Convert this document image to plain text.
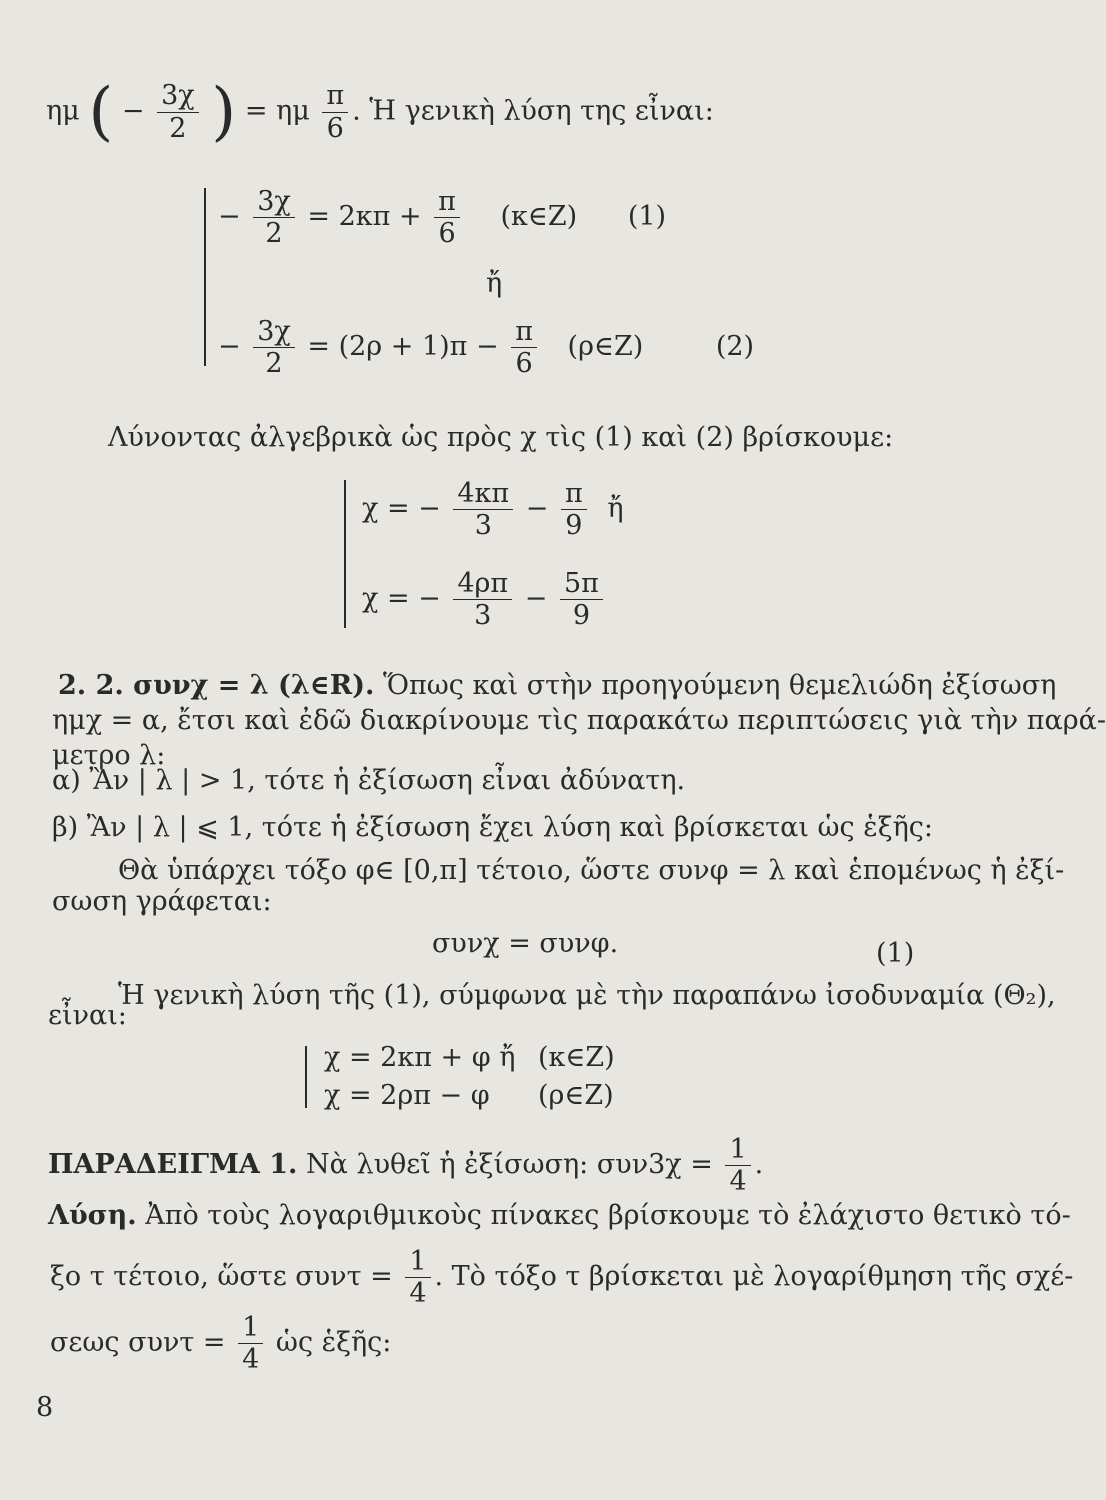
ημ ( − $\frac{3\chi}{2}$ ) = ημ $\frac{\pi}{6}$ . Ἡ γενικὴ λύση της εἶναι:
− $\frac{3\chi}{2} = 2\kappa\pi + \frac{\pi}{6}$ (κ∈Z) (1)
ἤ
− $\frac{3\chi}{2} = (2\rho + 1)\pi - \frac{\pi}{6}$ (ρ∈Z)	(2)
Λύνοντας ἀλγεβρικὰ ὡς πρὸς χ τὶς (1) καὶ (2) βρίσκουμε:
χ = − $\frac{4\kappa\pi}{3} - \frac{\pi}{9}$ ἤ
χ = − $\frac{4\rho\pi}{3} - \frac{5\pi}{9}$
2. 2. συνχ = λ (λ∈R). Ὅπως καὶ στὴν προηγούμενη θεμελιώδη ἐξίσωση
ημχ = α, ἔτσι καὶ ἐδῶ διακρίνουμε τὶς παρακάτω περιπτώσεις γιὰ τὴν παρά-
μετρο λ:
α) Ἂν | λ | > 1, τότε ἡ ἐξίσωση εἶναι ἀδύνατη.
β) Ἂν | λ | ⩽ 1, τότε ἡ ἐξίσωση ἔχει λύση καὶ βρίσκεται ὡς ἑξῆς:
Θὰ ὑπάρχει τόξο φ∈ [0,π] τέτοιο, ὥστε συνφ = λ καὶ ἑπομένως ἡ ἐξί-
σωση γράφεται:
συνχ = συνφ.	(1)
Ἡ γενικὴ λύση τῆς (1), σύμφωνα μὲ τὴν παραπάνω ἰσοδυναμία (Θ₂),
εἶναι:
χ = 2κπ + φ ἤ (κ∈Z)
χ = 2ρπ − φ (ρ∈Z)
ΠΑΡΑΔΕΙΓΜΑ 1. Νὰ λυθεῖ ἡ ἐξίσωση: $\sigma\upsilon\nu 3\chi = \frac{1}{4}$ .
Λύση. Ἀπὸ τοὺς λογαριθμικοὺς πίνακες βρίσκουμε τὸ ἐλάχιστο θετικὸ τό-
ξο τ τέτοιο, ὥστε $\sigma\upsilon\nu\tau = \frac{1}{4}$ . Τὸ τόξο τ βρίσκεται μὲ λογαρίθμηση τῆς σχέ-
σεως $\sigma\upsilon\nu\tau = \frac{1}{4}$ ὡς ἑξῆς:
8
